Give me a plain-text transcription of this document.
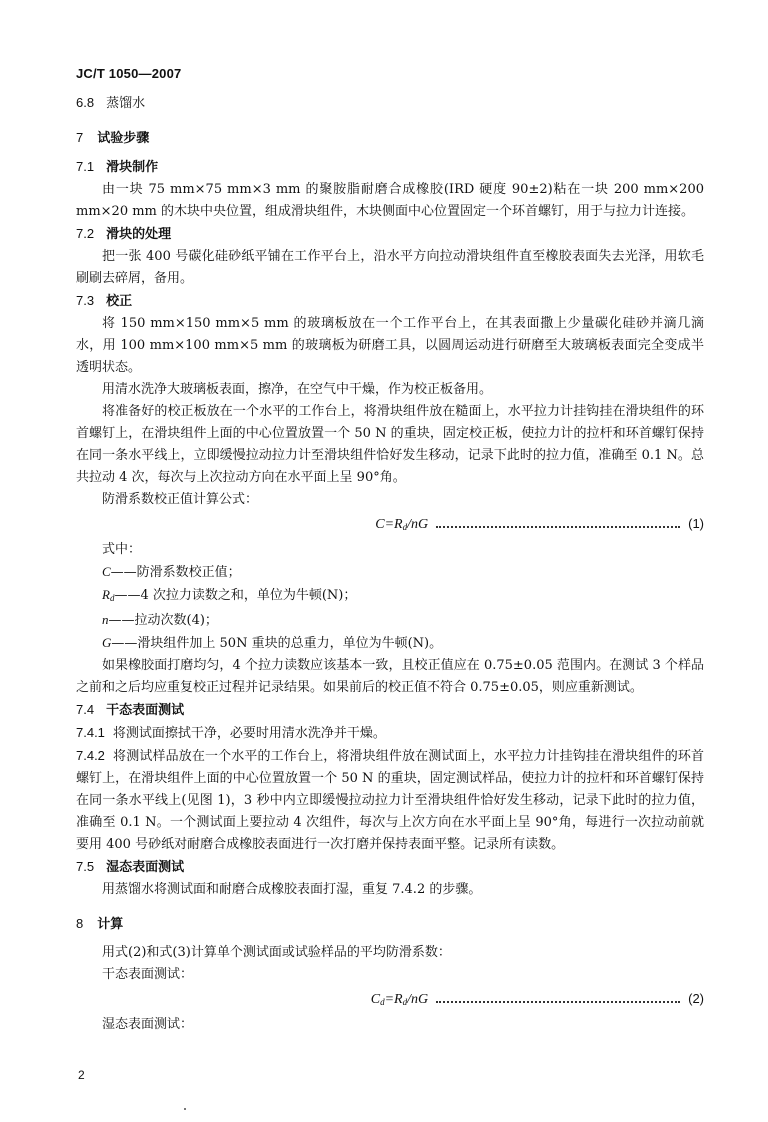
JC/T 1050—2007

6.8 蒸馏水

7 试验步骤

7.1 滑块制作

由一块 75 mm×75 mm×3 mm 的聚胺脂耐磨合成橡胶(IRD 硬度 90±2)粘在一块 200 mm×200 mm×20 mm 的木块中央位置，组成滑块组件，木块侧面中心位置固定一个环首螺钉，用于与拉力计连接。

7.2 滑块的处理

把一张 400 号碳化硅砂纸平铺在工作平台上，沿水平方向拉动滑块组件直至橡胶表面失去光泽，用软毛刷刷去碎屑，备用。

7.3 校正

将 150 mm×150 mm×5 mm 的玻璃板放在一个工作平台上，在其表面撒上少量碳化硅砂并滴几滴水，用 100 mm×100 mm×5 mm 的玻璃板为研磨工具，以圆周运动进行研磨至大玻璃板表面完全变成半透明状态。

用清水洗净大玻璃板表面，擦净，在空气中干燥，作为校正板备用。

将准备好的校正板放在一个水平的工作台上，将滑块组件放在糙面上，水平拉力计挂钩挂在滑块组件的环首螺钉上，在滑块组件上面的中心位置放置一个 50 N 的重块，固定校正板，使拉力计的拉杆和环首螺钉保持在同一条水平线上，立即缓慢拉动拉力计至滑块组件恰好发生移动，记录下此时的拉力值，准确至 0.1 N。总共拉动 4 次，每次与上次拉动方向在水平面上呈 90°角。

防滑系数校正值计算公式：

$C=R_d/nG$	(1)

式中：

C——防滑系数校正值；

$R_d——4$ 次拉力读数之和，单位为牛顿(N)；

n——拉动次数(4)；

G——滑块组件加上 50N 重块的总重力，单位为牛顿(N)。

如果橡胶面打磨均匀，4 个拉力读数应该基本一致，且校正值应在 0.75±0.05 范围内。在测试 3 个样品之前和之后均应重复校正过程并记录结果。如果前后的校正值不符合 0.75±0.05，则应重新测试。

7.4 干态表面测试

7.4.1 将测试面擦拭干净，必要时用清水洗净并干燥。

7.4.2 将测试样品放在一个水平的工作台上，将滑块组件放在测试面上，水平拉力计挂钩挂在滑块组件的环首螺钉上，在滑块组件上面的中心位置放置一个 50 N 的重块，固定测试样品，使拉力计的拉杆和环首螺钉保持在同一条水平线上(见图 1)，3 秒中内立即缓慢拉动拉力计至滑块组件恰好发生移动，记录下此时的拉力值，准确至 0.1 N。一个测试面上要拉动 4 次组件，每次与上次方向在水平面上呈 90°角，每进行一次拉动前就要用 400 号砂纸对耐磨合成橡胶表面进行一次打磨并保持表面平整。记录所有读数。

7.5 湿态表面测试

用蒸馏水将测试面和耐磨合成橡胶表面打湿，重复 7.4.2 的步骤。

8 计算

用式(2)和式(3)计算单个测试面或试验样品的平均防滑系数：

干态表面测试：

$C_d=R_d/nG$	(2)

湿态表面测试：

2
